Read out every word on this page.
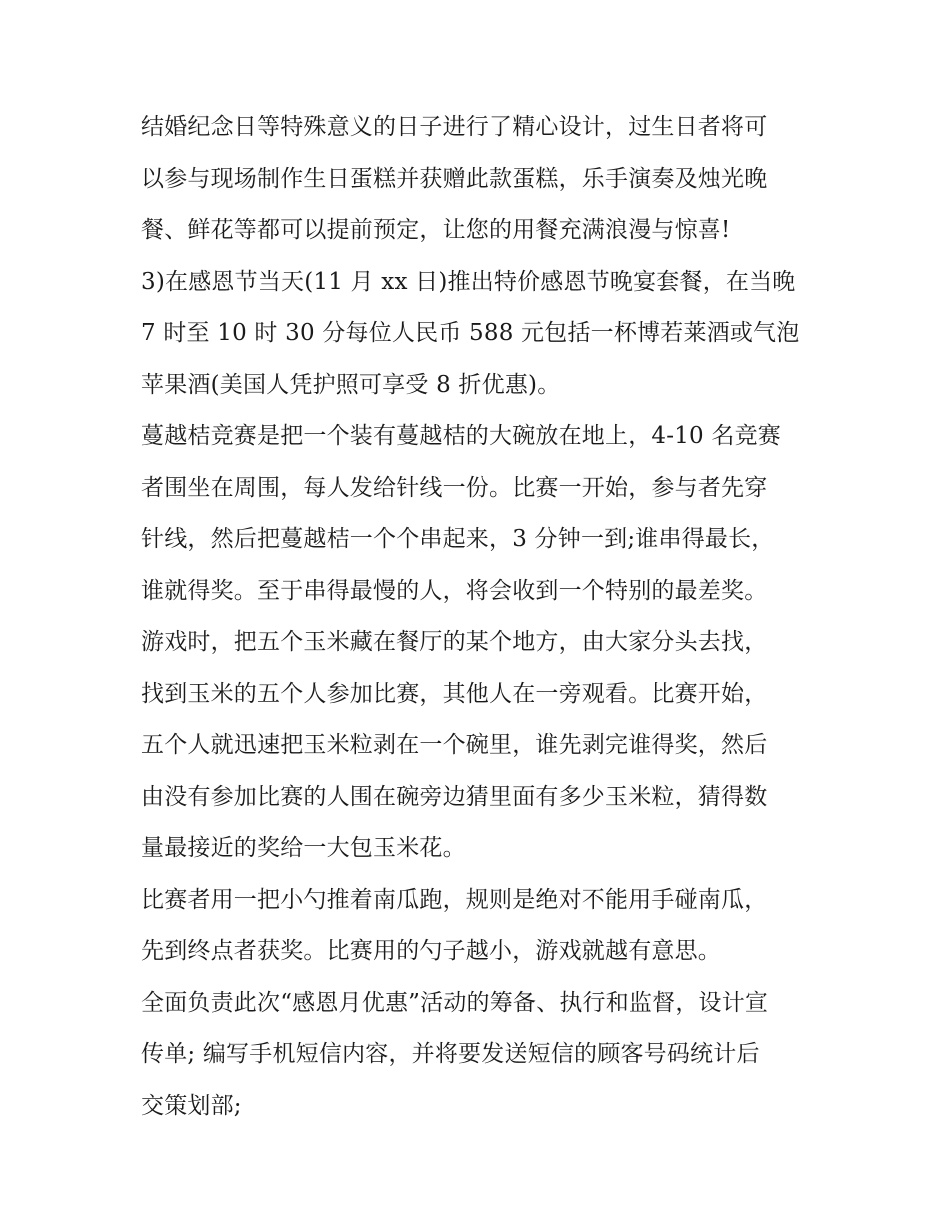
结婚纪念日等特殊意义的日子进行了精心设计，过生日者将可
以参与现场制作生日蛋糕并获赠此款蛋糕，乐手演奏及烛光晚
餐、鲜花等都可以提前预定，让您的用餐充满浪漫与惊喜!
3)在感恩节当天(11 月 xx 日)推出特价感恩节晚宴套餐，在当晚
7 时至 10 时 30 分每位人民币 588 元包括一杯博若莱酒或气泡
苹果酒(美国人凭护照可享受 8 折优惠)。
蔓越桔竞赛是把一个装有蔓越桔的大碗放在地上，4-10 名竞赛
者围坐在周围，每人发给针线一份。比赛一开始，参与者先穿
针线，然后把蔓越桔一个个串起来，3 分钟一到;谁串得最长，
谁就得奖。至于串得最慢的人，将会收到一个特别的最差奖。
游戏时，把五个玉米藏在餐厅的某个地方，由大家分头去找，
找到玉米的五个人参加比赛，其他人在一旁观看。比赛开始，
五个人就迅速把玉米粒剥在一个碗里，谁先剥完谁得奖，然后
由没有参加比赛的人围在碗旁边猜里面有多少玉米粒，猜得数
量最接近的奖给一大包玉米花。
比赛者用一把小勺推着南瓜跑，规则是绝对不能用手碰南瓜，
先到终点者获奖。比赛用的勺子越小，游戏就越有意思。
全面负责此次“感恩月优惠”活动的筹备、执行和监督，设计宣
传单; 编写手机短信内容，并将要发送短信的顾客号码统计后
交策划部;
